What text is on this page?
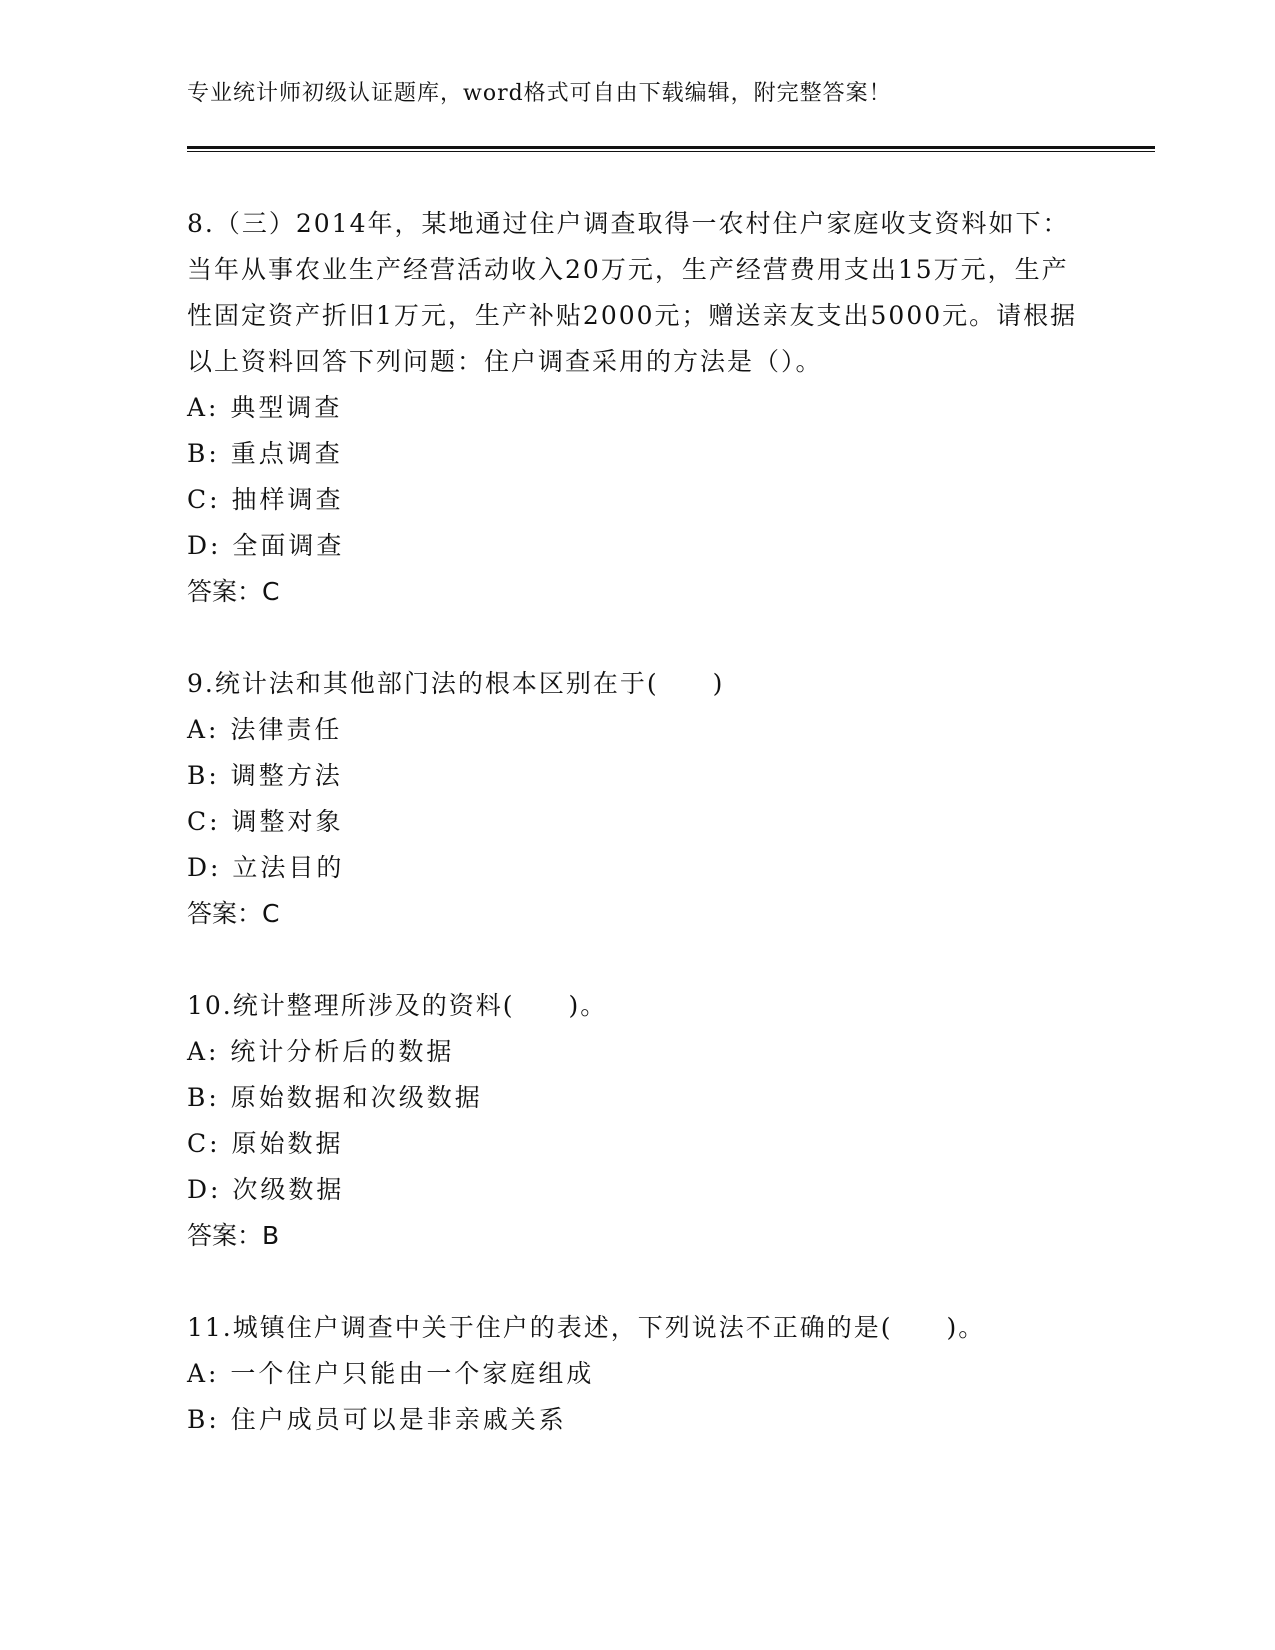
专业统计师初级认证题库，word格式可自由下载编辑，附完整答案！

8.（三）2014年，某地通过住户调查取得一农村住户家庭收支资料如下：当年从事农业生产经营活动收入20万元，生产经营费用支出15万元，生产性固定资产折旧1万元，生产补贴2000元；赠送亲友支出5000元。请根据以上资料回答下列问题：住户调查采用的方法是（）。

A: 典型调查

B: 重点调查

C: 抽样调查

D: 全面调查

答案：C

9.统计法和其他部门法的根本区别在于(　　)

A: 法律责任

B: 调整方法

C: 调整对象

D: 立法目的

答案：C

10.统计整理所涉及的资料(　　)。

A: 统计分析后的数据

B: 原始数据和次级数据

C: 原始数据

D: 次级数据

答案：B

11.城镇住户调查中关于住户的表述，下列说法不正确的是(　　)。

A: 一个住户只能由一个家庭组成

B: 住户成员可以是非亲戚关系
